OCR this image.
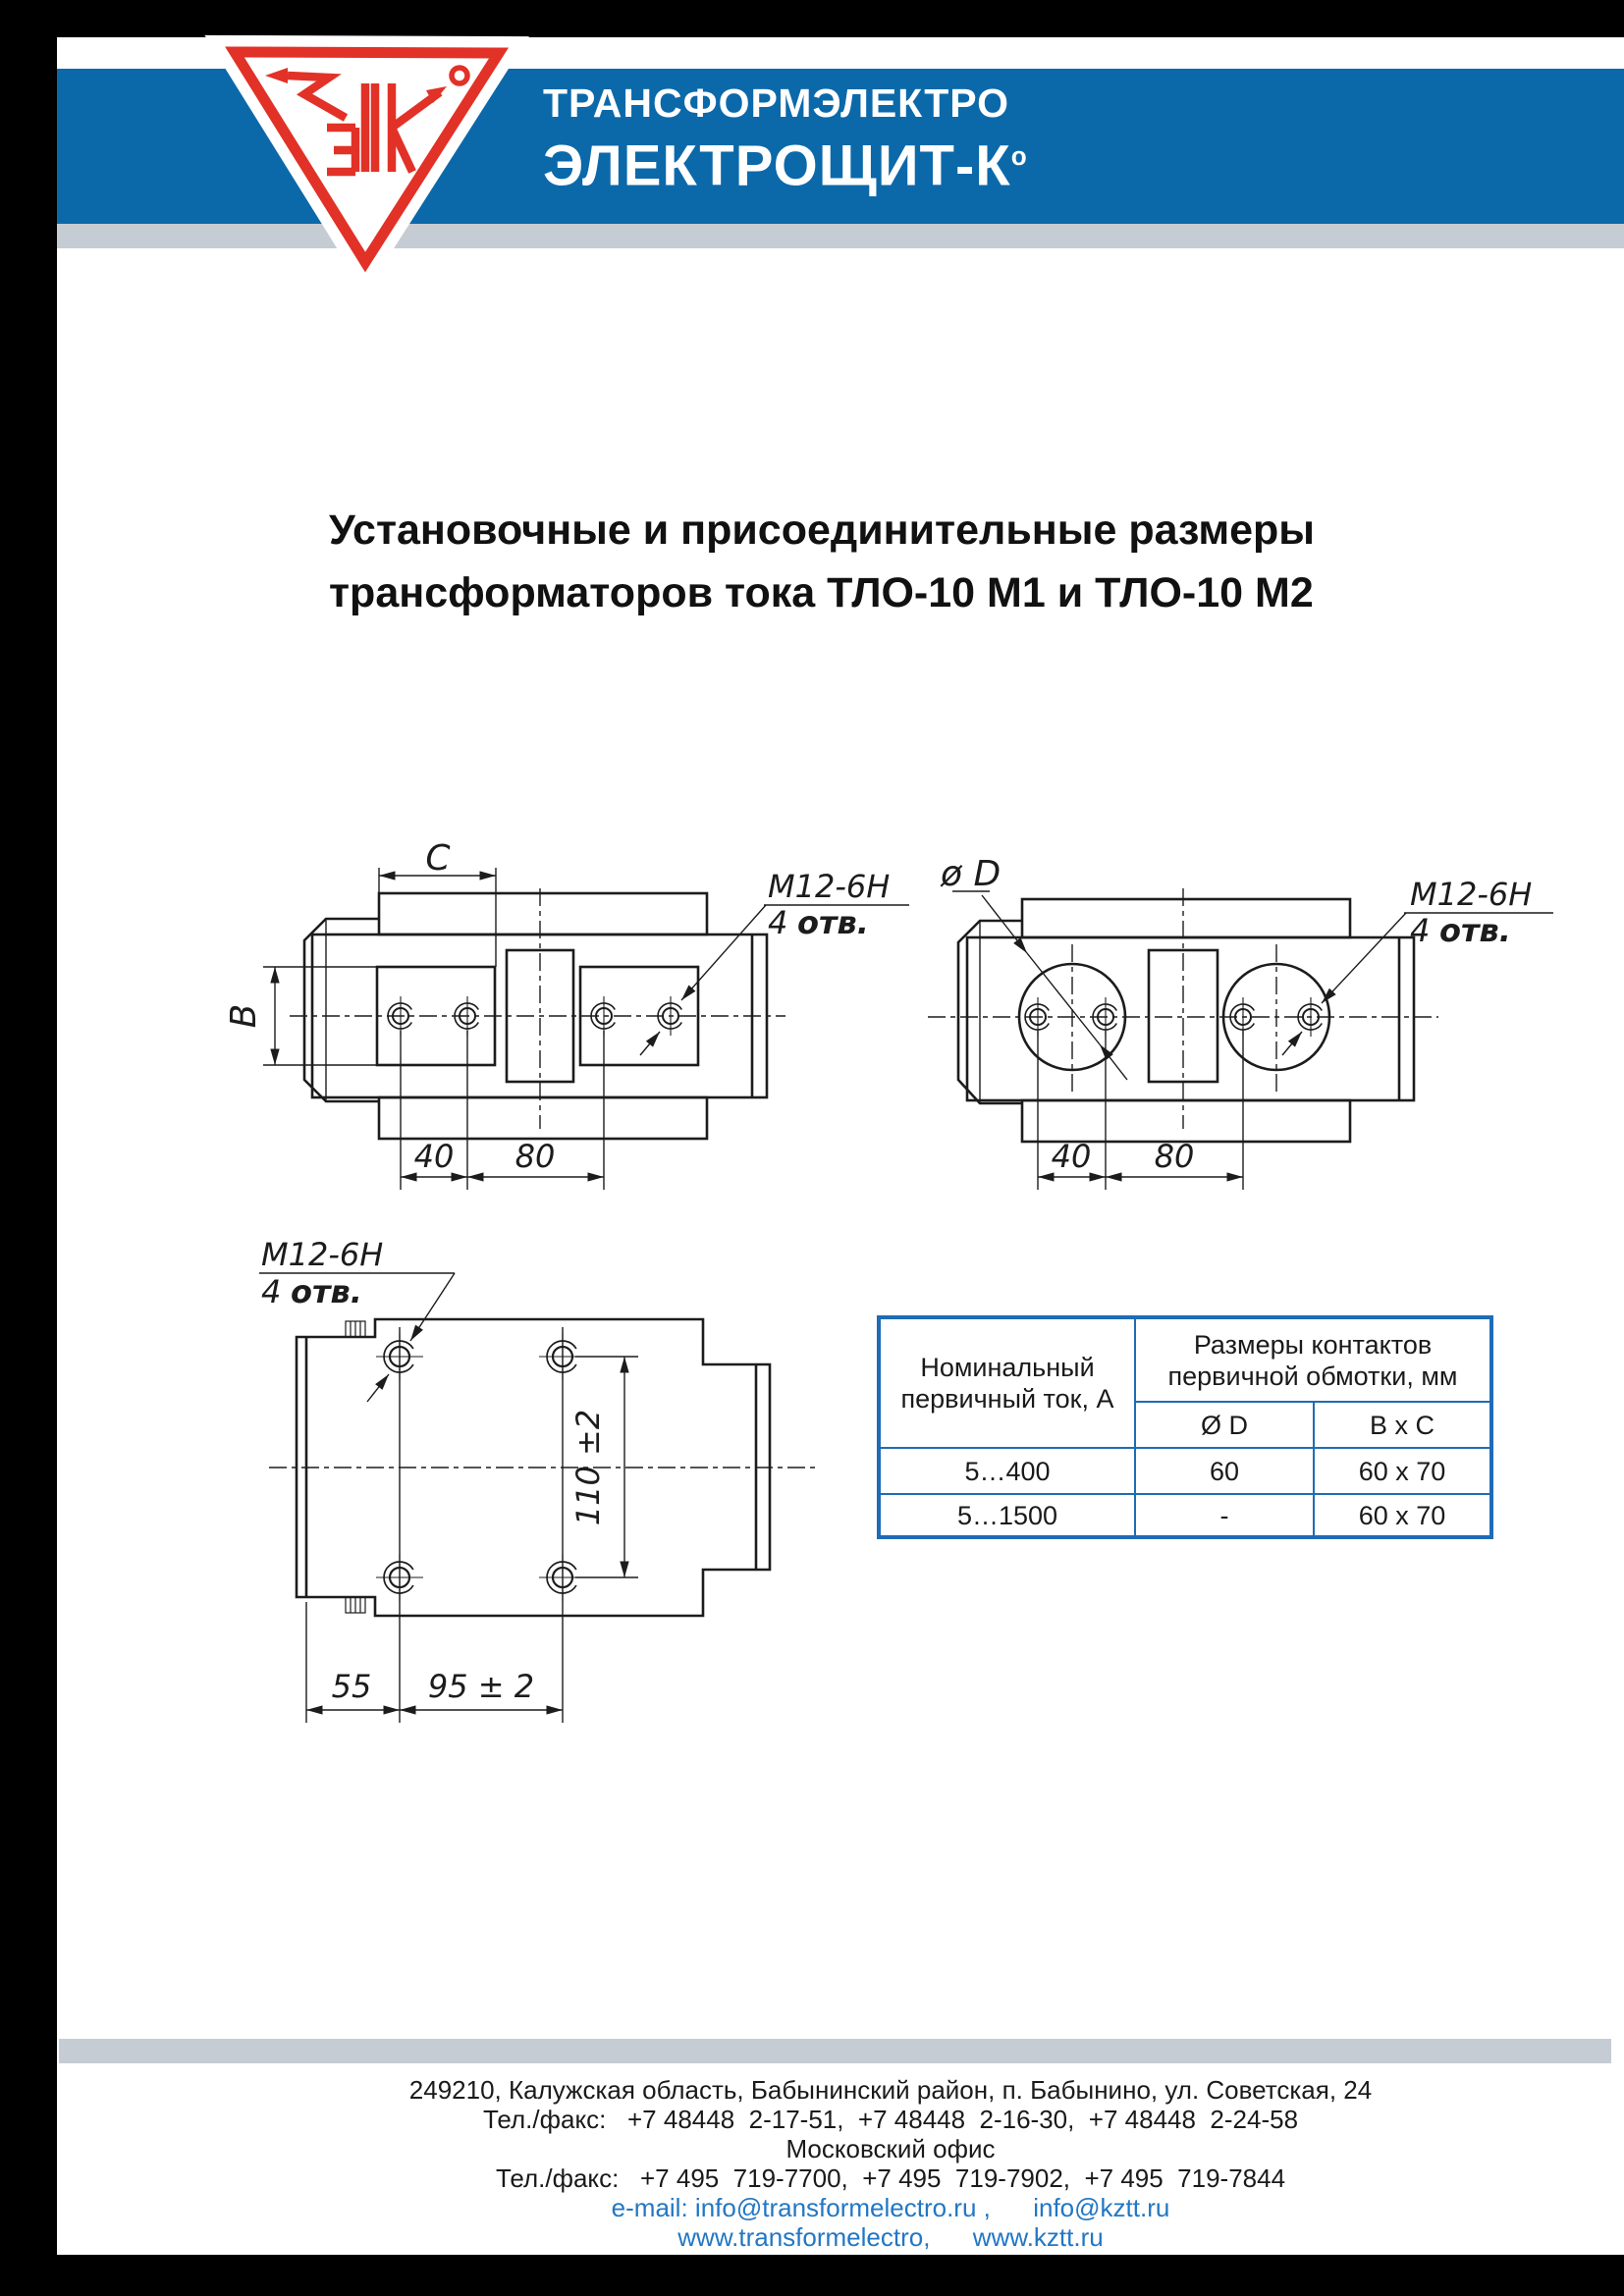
ТРАНСФОРМЭЛЕКТРО
ЭЛЕКТРОЩИТ-$К^о$
Установочные и присоединительные размеры
трансформаторов тока ТЛО-10 М1 и ТЛО-10 М2
C
B
40 80
М12-6Н
4 отв.
ø D
40 80
М12-6Н
4 отв.
М12-6Н
4 отв.
110 ±2
55 95 ± 2
Номинальный
первичный ток, А
Размеры контактов
первичной обмотки, мм
Ø D	В х С
5…400	60	60 х 70
5…1500	-	60 х 70
249210, Калужская область, Бабынинский район, п. Бабынино, ул. Советская, 24
Тел./факс:   +7 48448  2-17-51,  +7 48448  2-16-30,  +7 48448  2-24-58
Московский офис
Тел./факс:   +7 495  719-7700,  +7 495  719-7902,  +7 495  719-7844
e-mail: info@transformelectro.ru ,      info@kztt.ru
www.transformelectro, www.kztt.ru
